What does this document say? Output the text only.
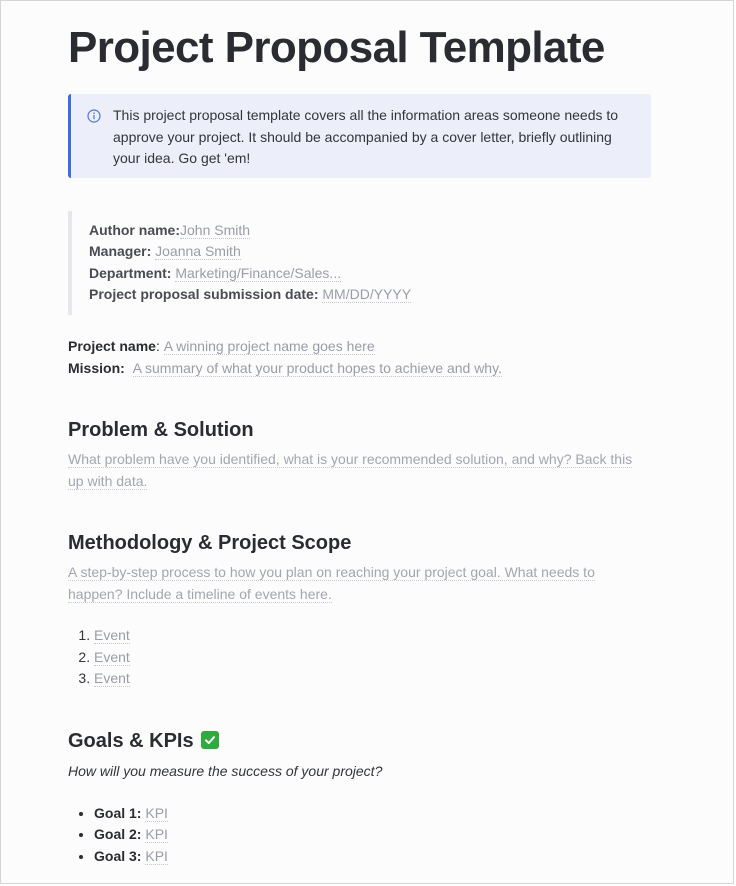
Project Proposal Template
This project proposal template covers all the information areas someone needs to approve your project. It should be accompanied by a cover letter, briefly outlining your idea. Go get 'em!
Author name:John Smith
Manager: Joanna Smith
Department: Marketing/Finance/Sales...
Project proposal submission date: MM/DD/YYYY
Project name: A winning project name goes here
Mission: A summary of what your product hopes to achieve and why.
Problem & Solution
What problem have you identified, what is your recommended solution, and why? Back this up with data.
Methodology & Project Scope
A step-by-step process to how you plan on reaching your project goal. What needs to happen? Include a timeline of events here.
1. Event
2. Event
3. Event
Goals & KPIs
How will you measure the success of your project?
• Goal 1: KPI
• Goal 2: KPI
• Goal 3: KPI
